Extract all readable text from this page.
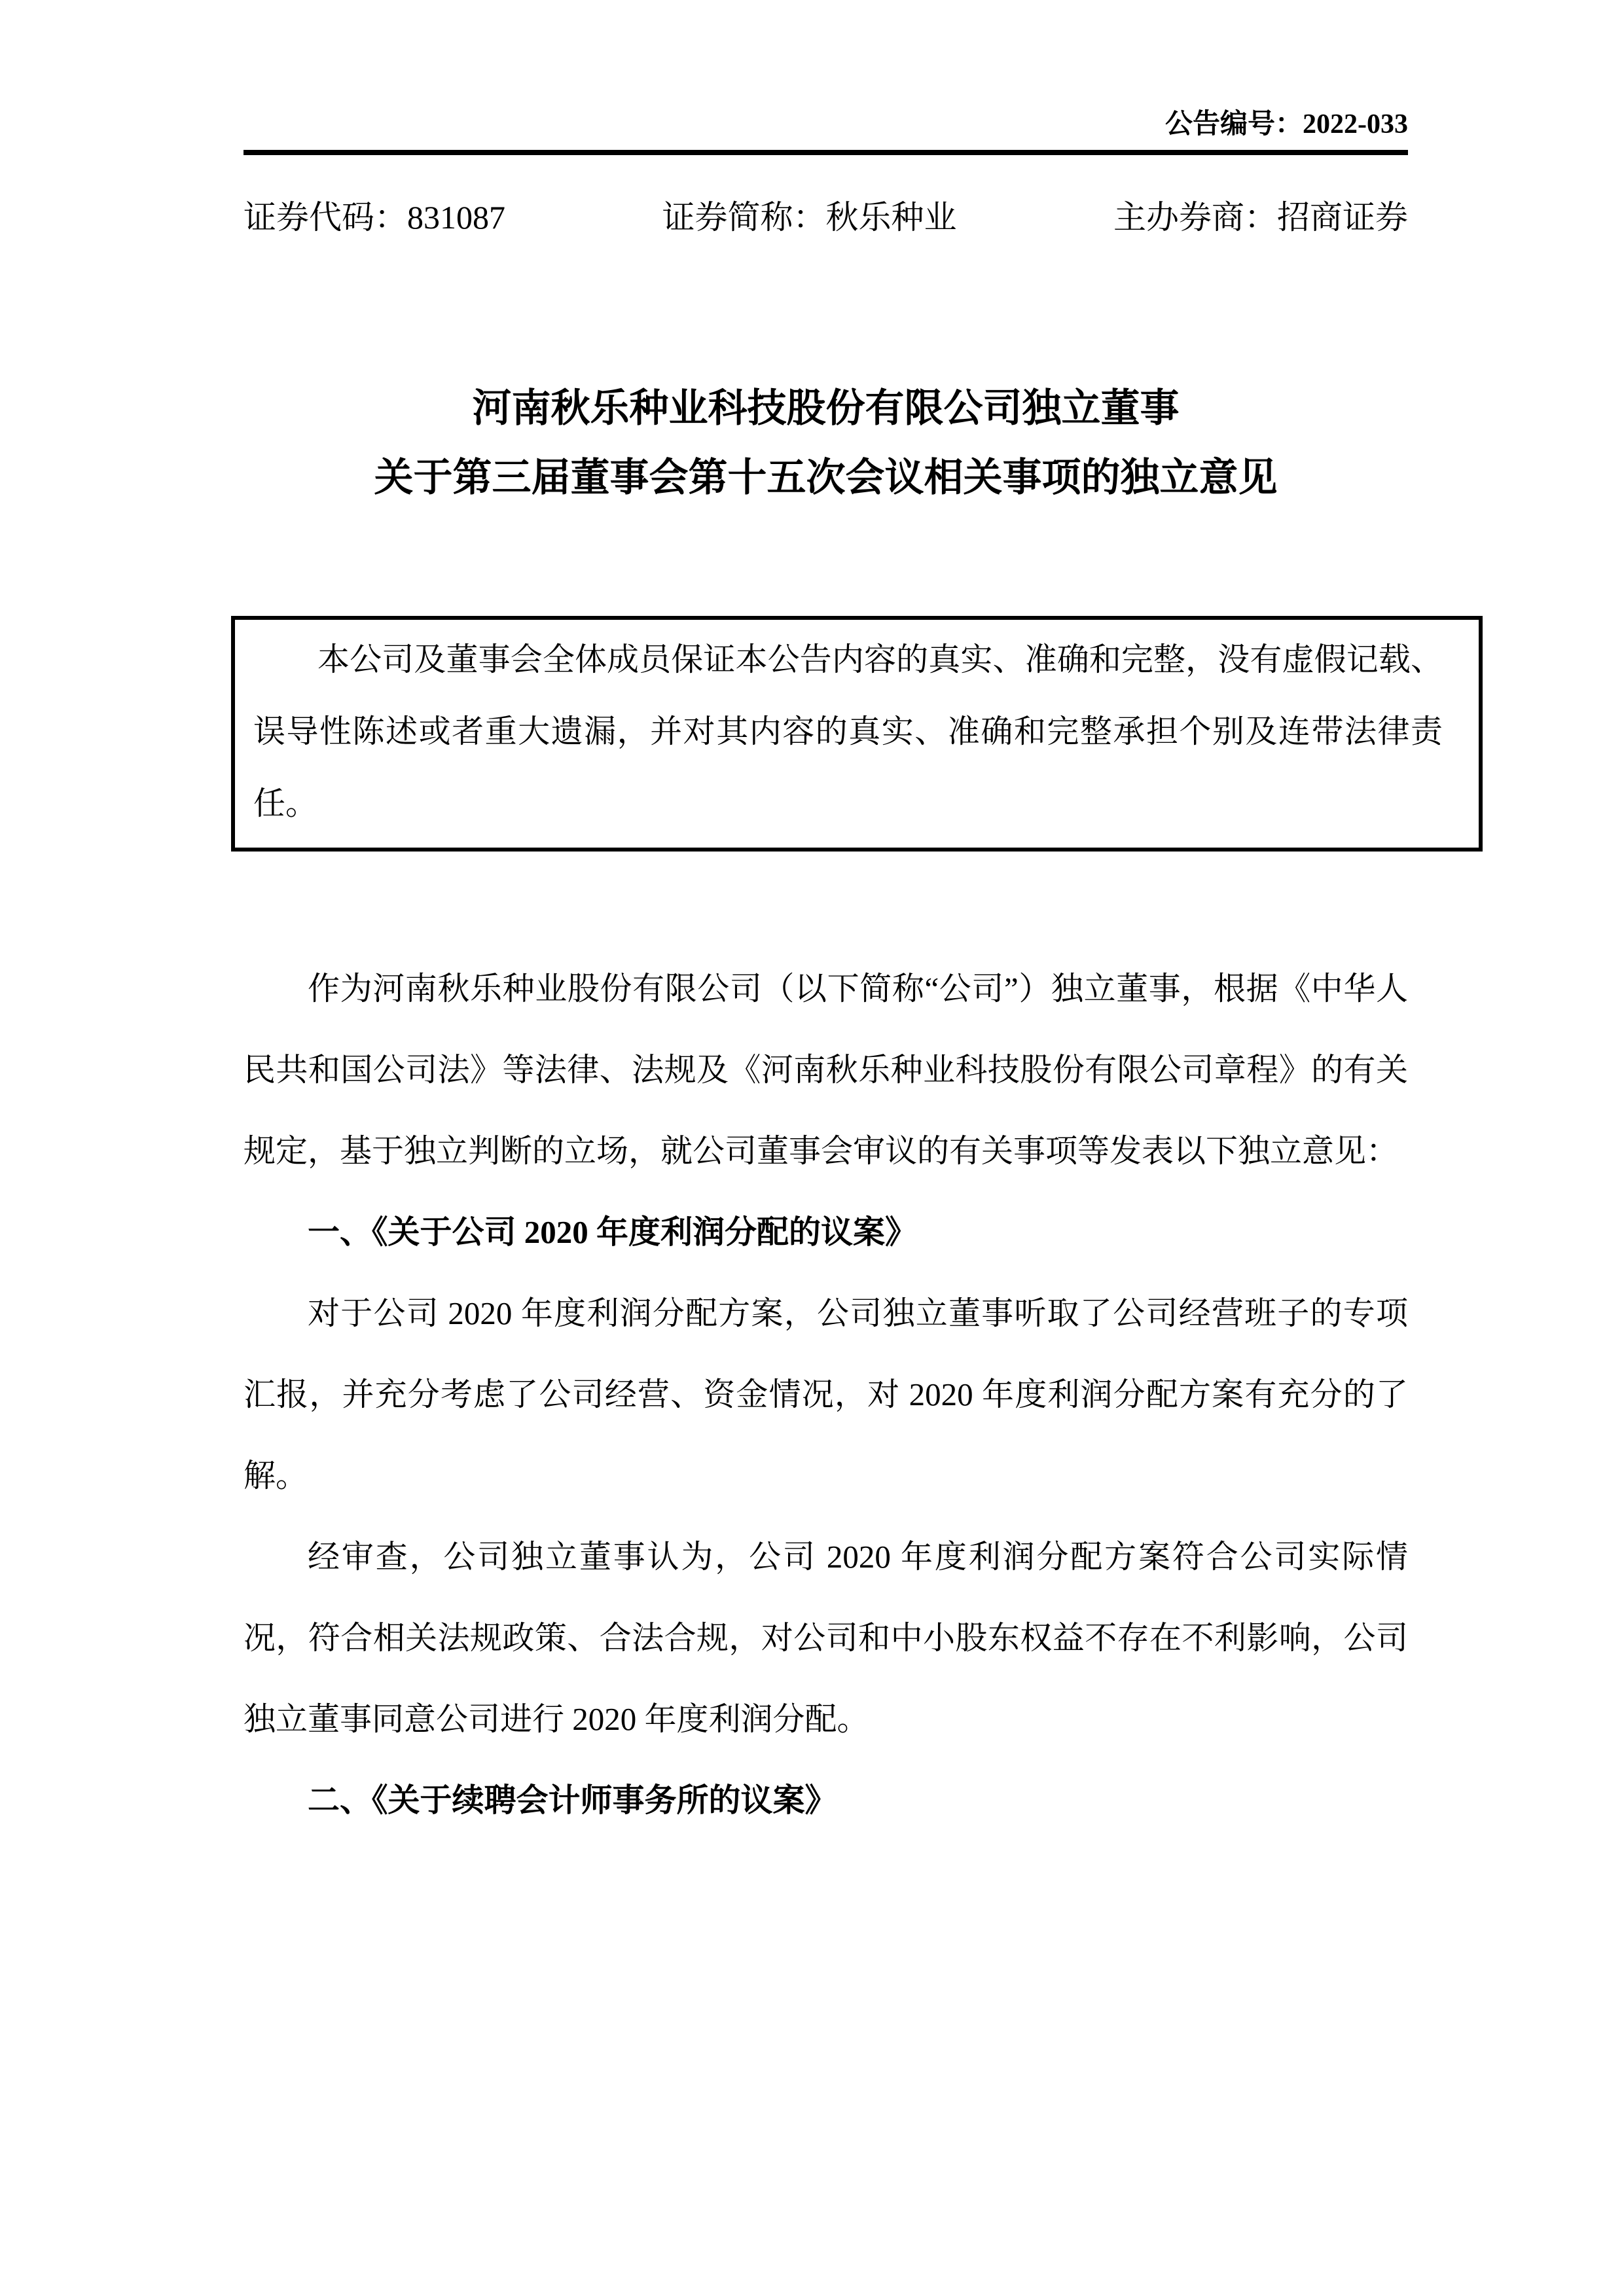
公告编号：2022-033
证券代码：831087	证券简称：秋乐种业	主办券商：招商证券
河南秋乐种业科技股份有限公司独立董事
关于第三届董事会第十五次会议相关事项的独立意见

本公司及董事会全体成员保证本公告内容的真实、准确和完整，没有虚假记载、误导性陈述或者重大遗漏，并对其内容的真实、准确和完整承担个别及连带法律责任。

作为河南秋乐种业股份有限公司（以下简称“公司”）独立董事，根据《中华人民共和国公司法》等法律、法规及《河南秋乐种业科技股份有限公司章程》的有关规定，基于独立判断的立场，就公司董事会审议的有关事项等发表以下独立意见：

一、《关于公司 2020 年度利润分配的议案》

对于公司 2020 年度利润分配方案，公司独立董事听取了公司经营班子的专项汇报，并充分考虑了公司经营、资金情况，对 2020 年度利润分配方案有充分的了解。

经审查，公司独立董事认为，公司 2020 年度利润分配方案符合公司实际情况，符合相关法规政策、合法合规，对公司和中小股东权益不存在不利影响，公司独立董事同意公司进行 2020 年度利润分配。

二、《关于续聘会计师事务所的议案》
